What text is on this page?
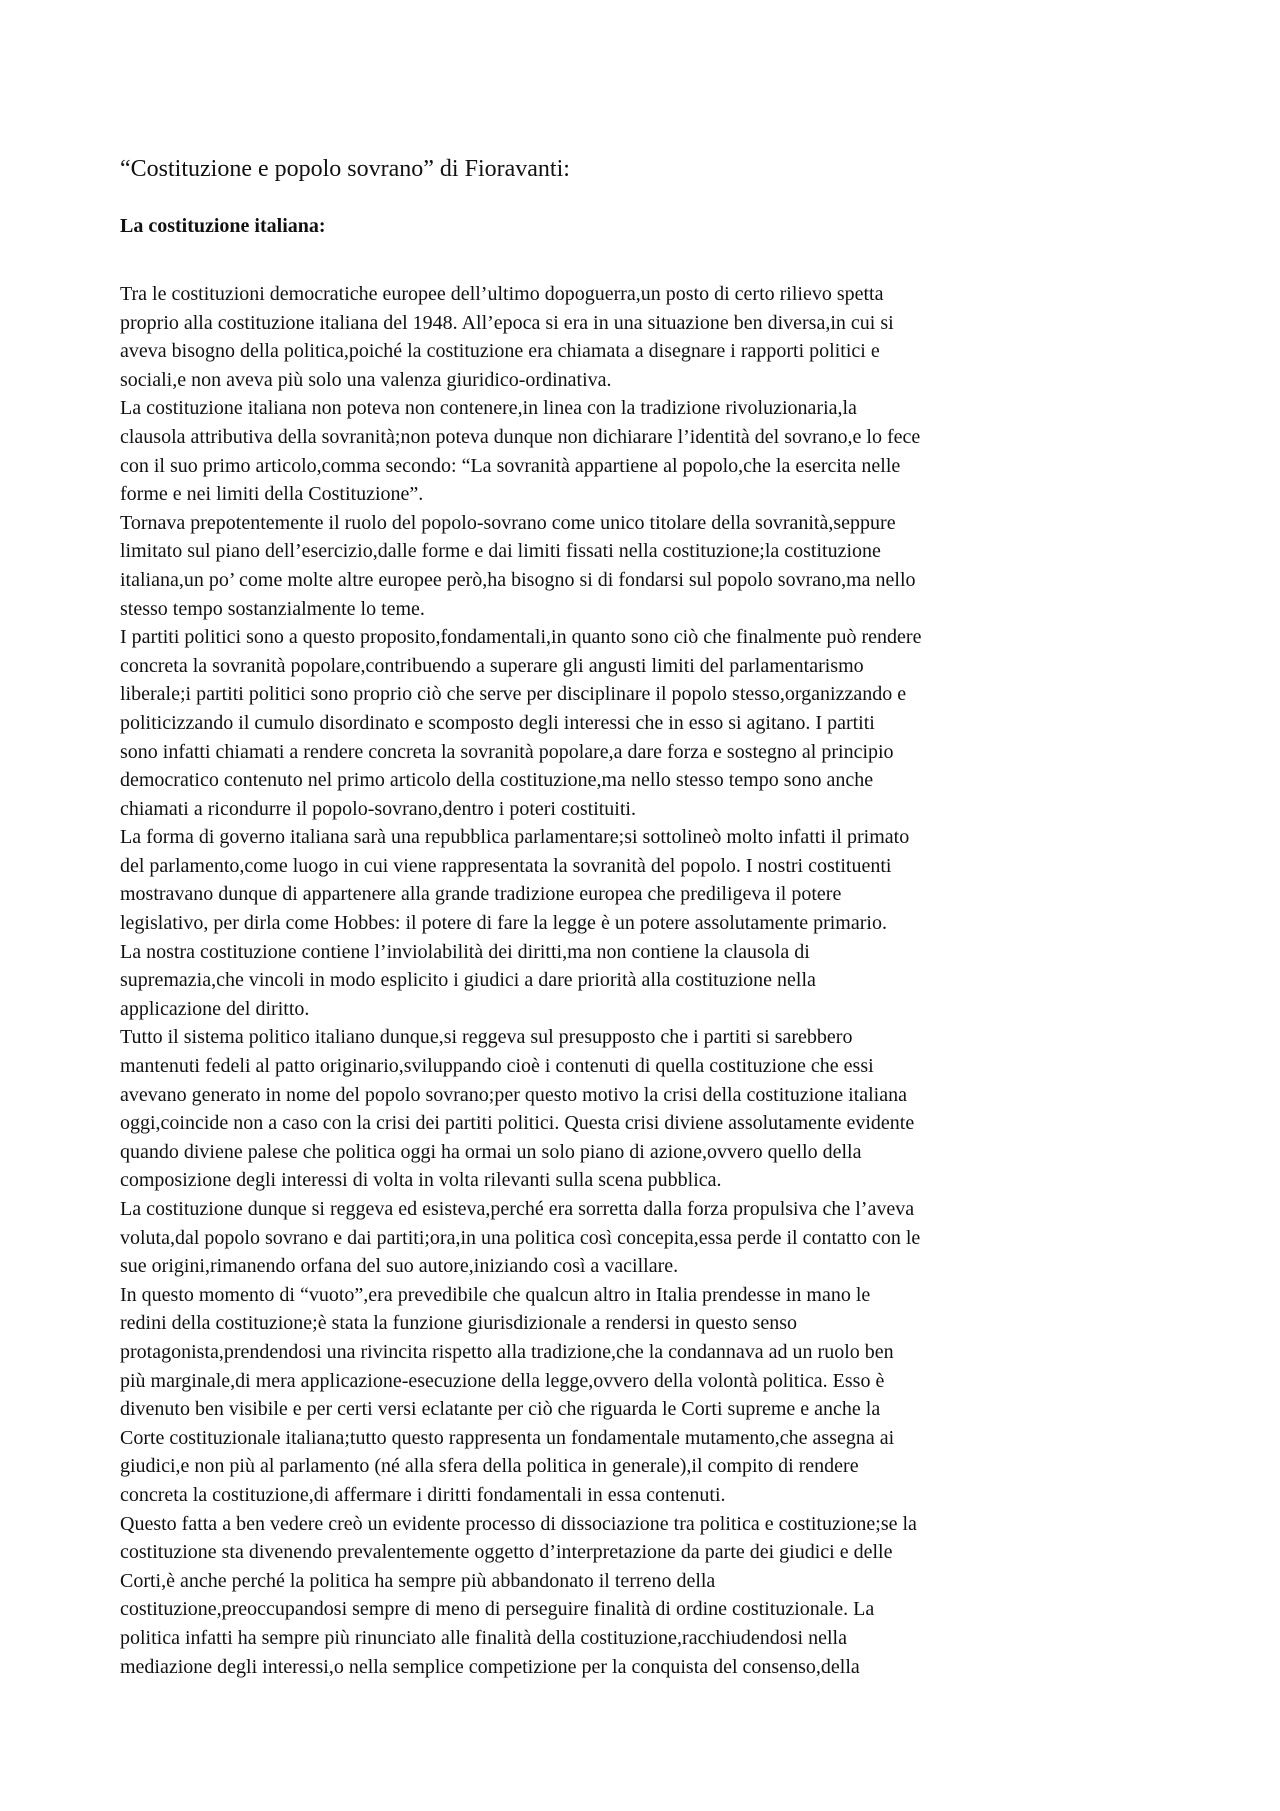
“Costituzione e popolo sovrano” di Fioravanti:
La costituzione italiana:

Tra le costituzioni democratiche europee dell’ultimo dopoguerra,un posto di certo rilievo spetta
proprio alla costituzione italiana del 1948. All’epoca si era in una situazione ben diversa,in cui si
aveva bisogno della politica,poiché la costituzione era chiamata a disegnare i rapporti politici e
sociali,e non aveva più solo una valenza giuridico-ordinativa.

La costituzione italiana non poteva non contenere,in linea con la tradizione rivoluzionaria,la
clausola attributiva della sovranità;non poteva dunque non dichiarare l’identità del sovrano,e lo fece
con il suo primo articolo,comma secondo: “La sovranità appartiene al popolo,che la esercita nelle
forme e nei limiti della Costituzione”.

Tornava prepotentemente il ruolo del popolo-sovrano come unico titolare della sovranità,seppure
limitato sul piano dell’esercizio,dalle forme e dai limiti fissati nella costituzione;la costituzione
italiana,un po’ come molte altre europee però,ha bisogno si di fondarsi sul popolo sovrano,ma nello
stesso tempo sostanzialmente lo teme.

I partiti politici sono a questo proposito,fondamentali,in quanto sono ciò che finalmente può rendere
concreta la sovranità popolare,contribuendo a superare gli angusti limiti del parlamentarismo
liberale;i partiti politici sono proprio ciò che serve per disciplinare il popolo stesso,organizzando e
politicizzando il cumulo disordinato e scomposto degli interessi che in esso si agitano. I partiti
sono infatti chiamati a rendere concreta la sovranità popolare,a dare forza e sostegno al principio
democratico contenuto nel primo articolo della costituzione,ma nello stesso tempo sono anche
chiamati a ricondurre il popolo-sovrano,dentro i poteri costituiti.

La forma di governo italiana sarà una repubblica parlamentare;si sottolineò molto infatti il primato
del parlamento,come luogo in cui viene rappresentata la sovranità del popolo. I nostri costituenti
mostravano dunque di appartenere alla grande tradizione europea che prediligeva il potere
legislativo, per dirla come Hobbes: il potere di fare la legge è un potere assolutamente primario.

La nostra costituzione contiene l’inviolabilità dei diritti,ma non contiene la clausola di
supremazia,che vincoli in modo esplicito i giudici a dare priorità alla costituzione nella
applicazione del diritto.

Tutto il sistema politico italiano dunque,si reggeva sul presupposto che i partiti si sarebbero
mantenuti fedeli al patto originario,sviluppando cioè i contenuti di quella costituzione che essi
avevano generato in nome del popolo sovrano;per questo motivo la crisi della costituzione italiana
oggi,coincide non a caso con la crisi dei partiti politici. Questa crisi diviene assolutamente evidente
quando diviene palese che politica oggi ha ormai un solo piano di azione,ovvero quello della
composizione degli interessi di volta in volta rilevanti sulla scena pubblica.

La costituzione dunque si reggeva ed esisteva,perché era sorretta dalla forza propulsiva che l’aveva
voluta,dal popolo sovrano e dai partiti;ora,in una politica così concepita,essa perde il contatto con le
sue origini,rimanendo orfana del suo autore,iniziando così a vacillare.

In questo momento di “vuoto”,era prevedibile che qualcun altro in Italia prendesse in mano le
redini della costituzione;è stata la funzione giurisdizionale a rendersi in questo senso
protagonista,prendendosi una rivincita rispetto alla tradizione,che la condannava ad un ruolo ben
più marginale,di mera applicazione-esecuzione della legge,ovvero della volontà politica. Esso è
divenuto ben visibile e per certi versi eclatante per ciò che riguarda le Corti supreme e anche la
Corte costituzionale italiana;tutto questo rappresenta un fondamentale mutamento,che assegna ai
giudici,e non più al parlamento (né alla sfera della politica in generale),il compito di rendere
concreta la costituzione,di affermare i diritti fondamentali in essa contenuti.

Questo fatta a ben vedere creò un evidente processo di dissociazione tra politica e costituzione;se la
costituzione sta divenendo prevalentemente oggetto d’interpretazione da parte dei giudici e delle
Corti,è anche perché la politica ha sempre più abbandonato il terreno della
costituzione,preoccupandosi sempre di meno di perseguire finalità di ordine costituzionale. La
politica infatti ha sempre più rinunciato alle finalità della costituzione,racchiudendosi nella
mediazione degli interessi,o nella semplice competizione per la conquista del consenso,della
